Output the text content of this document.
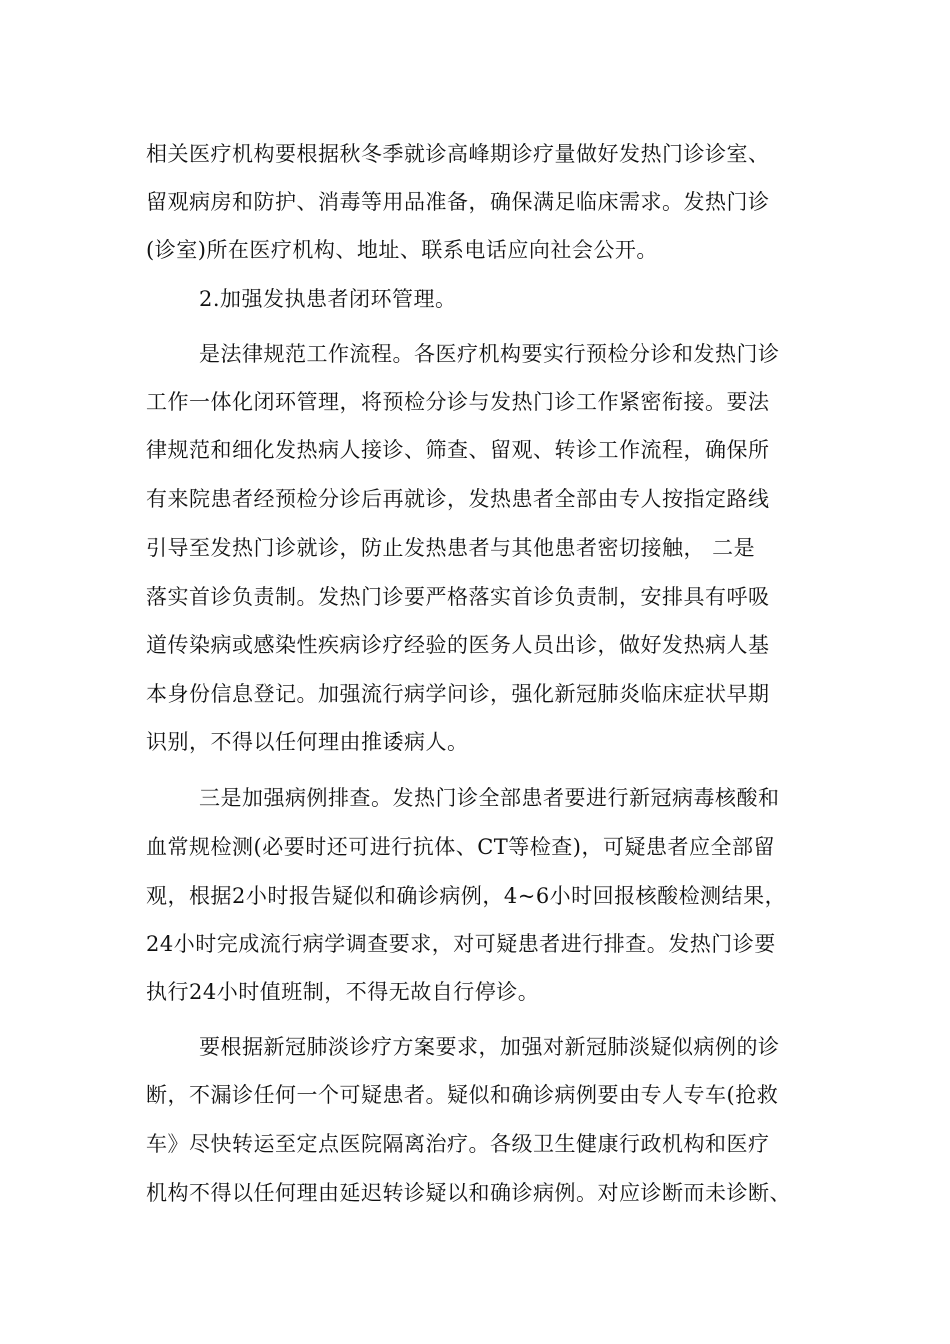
相关医疗机构要根据秋冬季就诊高峰期诊疗量做好发热门诊诊室、
留观病房和防护、消毒等用品准备，确保满足临床需求。发热门诊
(诊室)所在医疗机构、地址、联系电话应向社会公开。
2.加强发执患者闭环管理。
是法律规范工作流程。各医疗机构要实行预检分诊和发热门诊
工作一体化闭环管理，将预检分诊与发热门诊工作紧密衔接。要法
律规范和细化发热病人接诊、筛查、留观、转诊工作流程，确保所
有来院患者经预检分诊后再就诊，发热患者全部由专人按指定路线
引导至发热门诊就诊，防止发热患者与其他患者密切接触， 二是
落实首诊负责制。发热门诊要严格落实首诊负责制，安排具有呼吸
道传染病或感染性疾病诊疗经验的医务人员出诊，做好发热病人基
本身份信息登记。加强流行病学问诊，强化新冠肺炎临床症状早期
识别，不得以任何理由推诿病人。
三是加强病例排查。发热门诊全部患者要进行新冠病毒核酸和
血常规检测(必要时还可进行抗体、CT等检查)，可疑患者应全部留
观，根据2小时报告疑似和确诊病例，4~6小时回报核酸检测结果，
24小时完成流行病学调查要求，对可疑患者进行排查。发热门诊要
执行24小时值班制，不得无故自行停诊。
要根据新冠肺淡诊疗方案要求，加强对新冠肺淡疑似病例的诊
断，不漏诊任何一个可疑患者。疑似和确诊病例要由专人专车(抢救
车》尽快转运至定点医院隔离治疗。各级卫生健康行政机构和医疗
机构不得以任何理由延迟转诊疑以和确诊病例。对应诊断而未诊断、
